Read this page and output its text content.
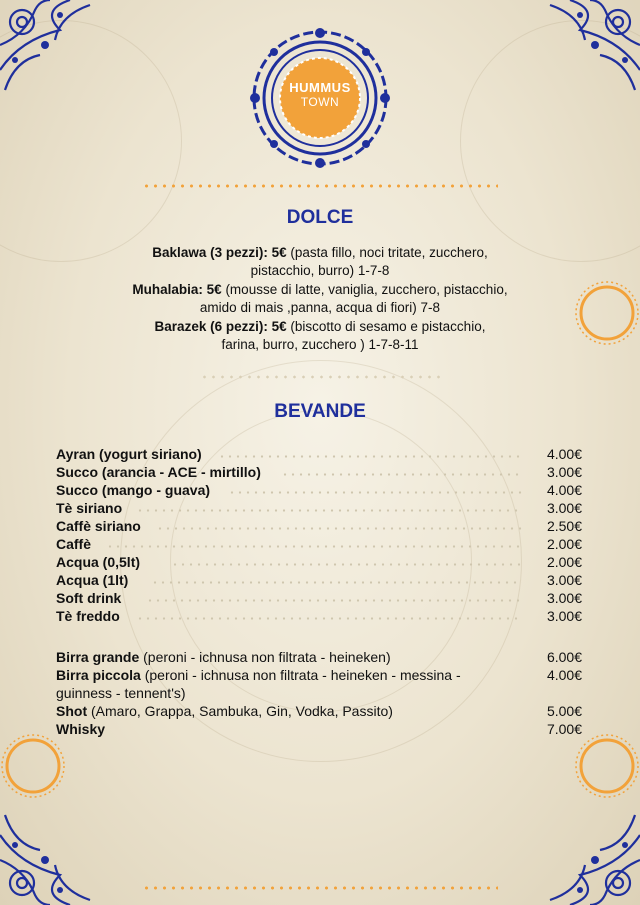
HUMMUS
TOWN
DOLCE
Baklawa (3 pezzi): 5€ (pasta fillo, noci tritate, zucchero,
pistacchio, burro) 1-7-8
Muhalabia: 5€ (mousse di latte, vaniglia, zucchero, pistacchio,
amido di mais ,panna, acqua di fiori) 7-8
Barazek (6 pezzi): 5€ (biscotto di sesamo e pistacchio,
farina, burro, zucchero ) 1-7-8-11
BEVANDE
Ayran (yogurt siriano)	4.00€
Succo (arancia - ACE - mirtillo)	3.00€
Succo (mango - guava)	4.00€
Tè siriano	3.00€
Caffè siriano	2.50€
Caffè	2.00€
Acqua (0,5lt)	2.00€
Acqua (1lt)	3.00€
Soft drink	3.00€
Tè freddo	3.00€
Birra grande (peroni - ichnusa non filtrata - heineken)	6.00€
Birra piccola (peroni - ichnusa non filtrata - heineken - messina - guinness - tennent's)
4.00€
Shot (Amaro, Grappa, Sambuka, Gin, Vodka, Passito)	5.00€
Whisky	7.00€
